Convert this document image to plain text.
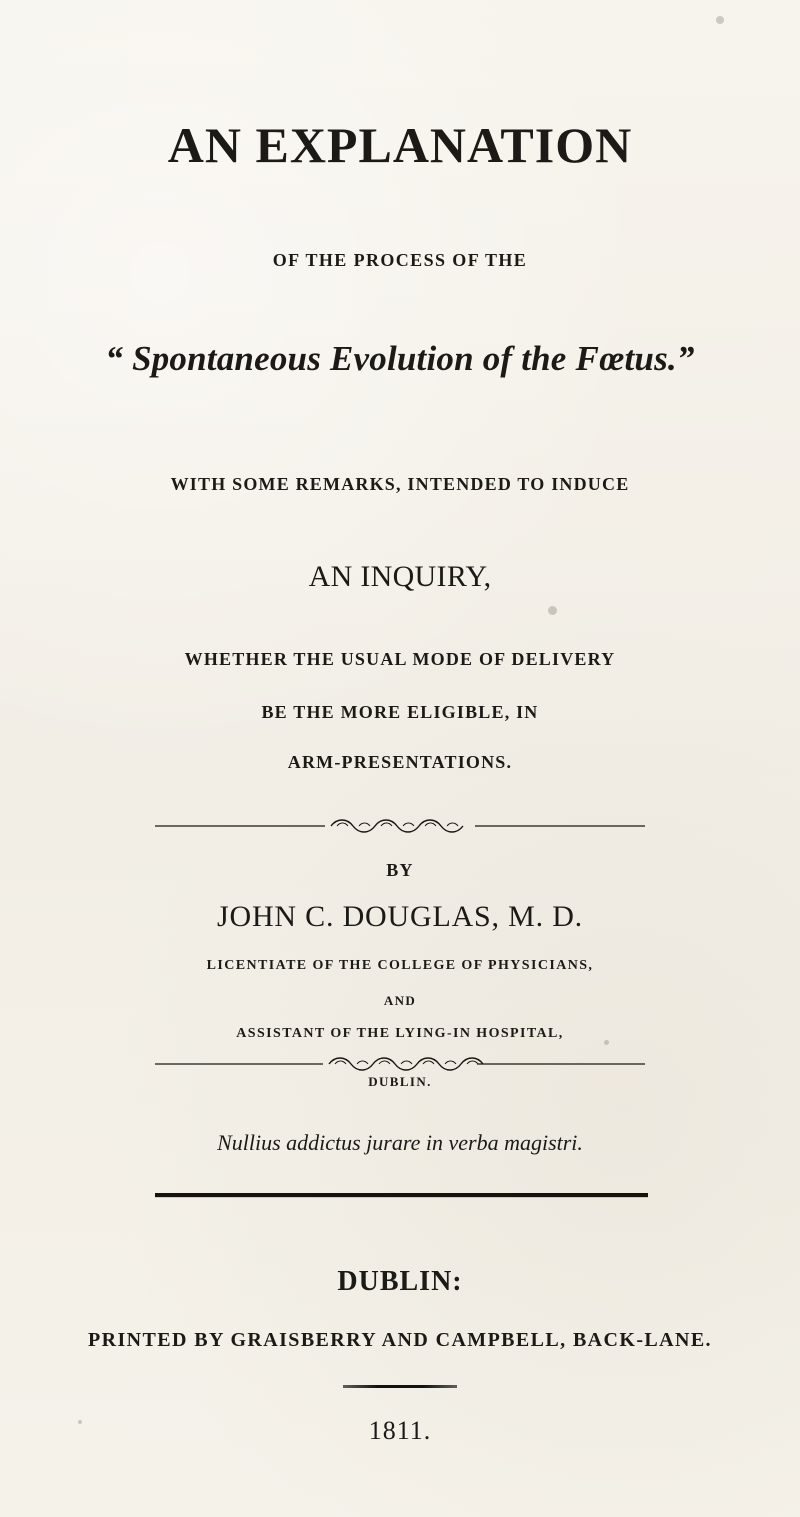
AN EXPLANATION
OF THE PROCESS OF THE
“ Spontaneous Evolution of the Fœtus.”
WITH SOME REMARKS, INTENDED TO INDUCE
AN INQUIRY,
WHETHER THE USUAL MODE OF DELIVERY
BE THE MORE ELIGIBLE, IN
ARM-PRESENTATIONS.
BY
JOHN C. DOUGLAS, M. D.
LICENTIATE OF THE COLLEGE OF PHYSICIANS,
AND
ASSISTANT OF THE LYING-IN HOSPITAL,
DUBLIN.
Nullius addictus jurare in verba magistri.
DUBLIN:
PRINTED BY GRAISBERRY AND CAMPBELL, BACK-LANE.
1811.
